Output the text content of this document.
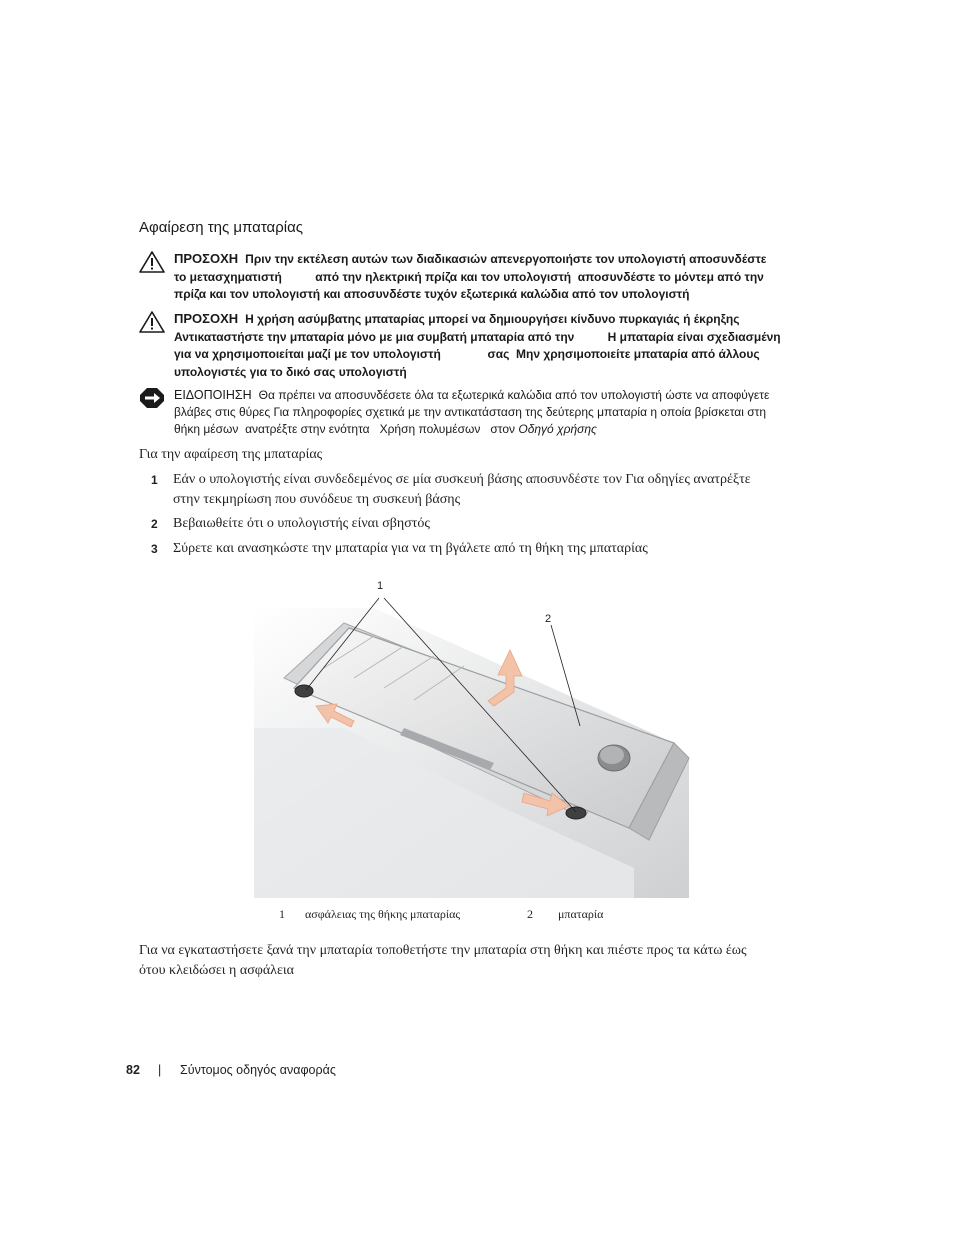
Αφαίρεση της μπαταρίας
ΠΡΟΣΟΧΗ Πριν την εκτέλεση αυτών των διαδικασιών απενεργοποιήστε τον υπολογιστή αποσυνδέστε
το μετασχηματιστή          από την ηλεκτρική πρίζα και τον υπολογιστή  αποσυνδέστε το μόντεμ από την
πρίζα και τον υπολογιστή και αποσυνδέστε τυχόν εξωτερικά καλώδια από τον υπολογιστή
ΠΡΟΣΟΧΗ Η χρήση ασύμβατης μπαταρίας μπορεί να δημιουργήσει κίνδυνο πυρκαγιάς ή έκρηξης
Αντικαταστήστε την μπαταρία μόνο με μια συμβατή μπαταρία από την          Η μπαταρία είναι σχεδιασμένη
για να χρησιμοποιείται μαζί με τον υπολογιστή              σας  Μην χρησιμοποιείτε μπαταρία από άλλους
υπολογιστές για το δικό σας υπολογιστή
ΕΙΔΟΠΟΙΗΣΗ Θα πρέπει να αποσυνδέσετε όλα τα εξωτερικά καλώδια από τον υπολογιστή ώστε να αποφύγετε
βλάβες στις θύρες Για πληροφορίες σχετικά με την αντικατάσταση της δεύτερης μπαταρία η οποία βρίσκεται στη
θήκη μέσων  ανατρέξτε στην ενότητα   Χρήση πολυμέσων   στον Οδηγό χρήσης
Για την αφαίρεση της μπαταρίας
1 Εάν ο υπολογιστής είναι συνδεδεμένος σε μία συσκευή βάσης αποσυνδέστε τον Για οδηγίες ανατρέξτε
στην τεκμηρίωση που συνόδευε τη συσκευή βάσης
2 Βεβαιωθείτε ότι ο υπολογιστής είναι σβηστός
3 Σύρετε και ανασηκώστε την μπαταρία για να τη βγάλετε από τη θήκη της μπαταρίας
1
2
1 ασφάλειας της θήκης μπαταρίας	2 μπαταρία
Για να εγκαταστήσετε ξανά την μπαταρία τοποθετήστε την μπαταρία στη θήκη και πιέστε προς τα κάτω έως
ότου κλειδώσει η ασφάλεια
82 | Σύντομος οδηγός αναφοράς
